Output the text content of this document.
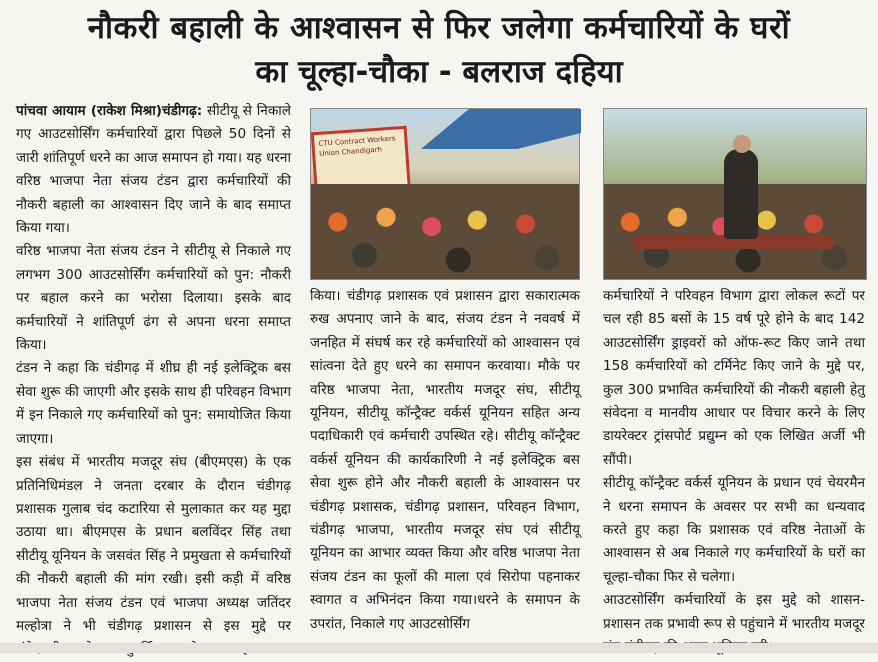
नौकरी बहाली के आश्वासन से फिर जलेगा कर्मचारियों के घरों
का चूल्हा-चौका - बलराज दहिया

पांचवा आयाम (राकेश मिश्रा)चंडीगढ़: सीटीयू से निकाले गए आउटसोर्सिंग कर्मचारियों द्वारा पिछले 50 दिनों से जारी शांतिपूर्ण धरने का आज समापन हो गया। यह धरना वरिष्ठ भाजपा नेता संजय टंडन द्वारा कर्मचारियों की नौकरी बहाली का आश्वासन दिए जाने के बाद समाप्त किया गया।

वरिष्ठ भाजपा नेता संजय टंडन ने सीटीयू से निकाले गए लगभग 300 आउटसोर्सिंग कर्मचारियों को पुन: नौकरी पर बहाल करने का भरोसा दिलाया। इसके बाद कर्मचारियों ने शांतिपूर्ण ढंग से अपना धरना समाप्त किया।

टंडन ने कहा कि चंडीगढ़ में शीघ्र ही नई इलेक्ट्रिक बस सेवा शुरू की जाएगी और इसके साथ ही परिवहन विभाग में इन निकाले गए कर्मचारियों को पुन: समायोजित किया जाएगा।

इस संबंध में भारतीय मजदूर संघ (बीएमएस) के एक प्रतिनिधिमंडल ने जनता दरबार के दौरान चंडीगढ़ प्रशासक गुलाब चंद कटारिया से मुलाकात कर यह मुद्दा उठाया था। बीएमएस के प्रधान बलविंदर सिंह तथा सीटीयू यूनियन के जसवंत सिंह ने प्रमुखता से कर्मचारियों की नौकरी बहाली की मांग रखी। इसी कड़ी में वरिष्ठ भाजपा नेता संजय टंडन एवं भाजपा अध्यक्ष जतिंदर मल्होत्रा ने भी चंडीगढ़ प्रशासन से इस मुद्दे पर

CTU Contract Workers Union Chandigarh

किया। चंडीगढ़ प्रशासक एवं प्रशासन द्वारा सकारात्मक रुख अपनाए जाने के बाद, संजय टंडन ने नववर्ष में जनहित में संघर्ष कर रहे कर्मचारियों को आश्वासन एवं सांत्वना देते हुए धरने का समापन करवाया। मौके पर वरिष्ठ भाजपा नेता, भारतीय मजदूर संघ, सीटीयू यूनियन, सीटीयू कॉन्ट्रैक्ट वर्कर्स यूनियन सहित अन्य पदाधिकारी एवं कर्मचारी उपस्थित रहे। सीटीयू कॉन्ट्रैक्ट वर्कर्स यूनियन की कार्यकारिणी ने नई इलेक्ट्रिक बस सेवा शुरू होने और नौकरी बहाली के आश्वासन पर चंडीगढ़ प्रशासक, चंडीगढ़ प्रशासन, परिवहन विभाग, चंडीगढ़ भाजपा, भारतीय मजदूर संघ एवं सीटीयू यूनियन का आभार व्यक्त किया और वरिष्ठ भाजपा नेता संजय टंडन का फूलों की माला एवं सिरोपा पहनाकर स्वागत व अभिनंदन किया गया।धरने के समापन के उपरांत, निकाले गए आउटसोर्सिंग

कर्मचारियों ने परिवहन विभाग द्वारा लोकल रूटों पर चल रही 85 बसों के 15 वर्ष पूरे होने के बाद 142 आउटसोर्सिंग ड्राइवरों को ऑफ-रूट किए जाने तथा 158 कर्मचारियों को टर्मिनेट किए जाने के मुद्दे पर, कुल 300 प्रभावित कर्मचारियों की नौकरी बहाली हेतु संवेदना व मानवीय आधार पर विचार करने के लिए डायरेक्टर ट्रांसपोर्ट प्रद्युम्न को एक लिखित अर्जी भी सौंपी।

सीटीयू कॉन्ट्रैक्ट वर्कर्स यूनियन के प्रधान एवं चेयरमैन ने धरना समापन के अवसर पर सभी का धन्यवाद करते हुए कहा कि प्रशासक एवं वरिष्ठ नेताओं के आश्वासन से अब निकाले गए कर्मचारियों के घरों का चूल्हा-चौका फिर से चलेगा।

आउटसोर्सिंग कर्मचारियों के इस मुद्दे को शासन-प्रशासन तक प्रभावी रूप से पहुंचाने में भारतीय मजदूर
